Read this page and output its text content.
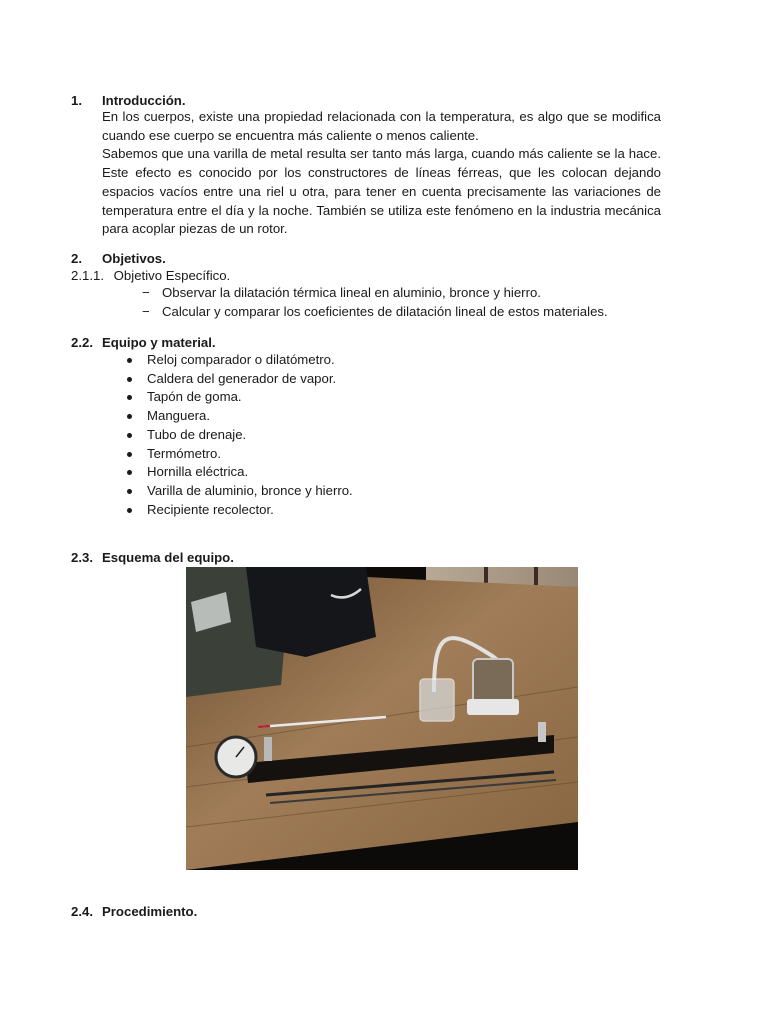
1. Introducción.

En los cuerpos, existe una propiedad relacionada con la temperatura, es algo que se modifica cuando ese cuerpo se encuentra más caliente o menos caliente.

Sabemos que una varilla de metal resulta ser tanto más larga, cuando más caliente se la hace. Este efecto es conocido por los constructores de líneas férreas, que les colocan dejando espacios vacíos entre una riel u otra, para tener en cuenta precisamente las variaciones de temperatura entre el día y la noche. También se utiliza este fenómeno en la industria mecánica para acoplar piezas de un rotor.

2. Objetivos.
2.1.1. Objetivo Específico.
− Observar la dilatación térmica lineal en aluminio, bronce y hierro.
− Calcular y comparar los coeficientes de dilatación lineal de estos materiales.
2.2. Equipo y material.
Reloj comparador o dilatómetro.
Caldera del generador de vapor.
Tapón de goma.
Manguera.
Tubo de drenaje.
Termómetro.
Hornilla eléctrica.
Varilla de aluminio, bronce y hierro.
Recipiente recolector.
2.3. Esquema del equipo.
2.4. Procedimiento.
